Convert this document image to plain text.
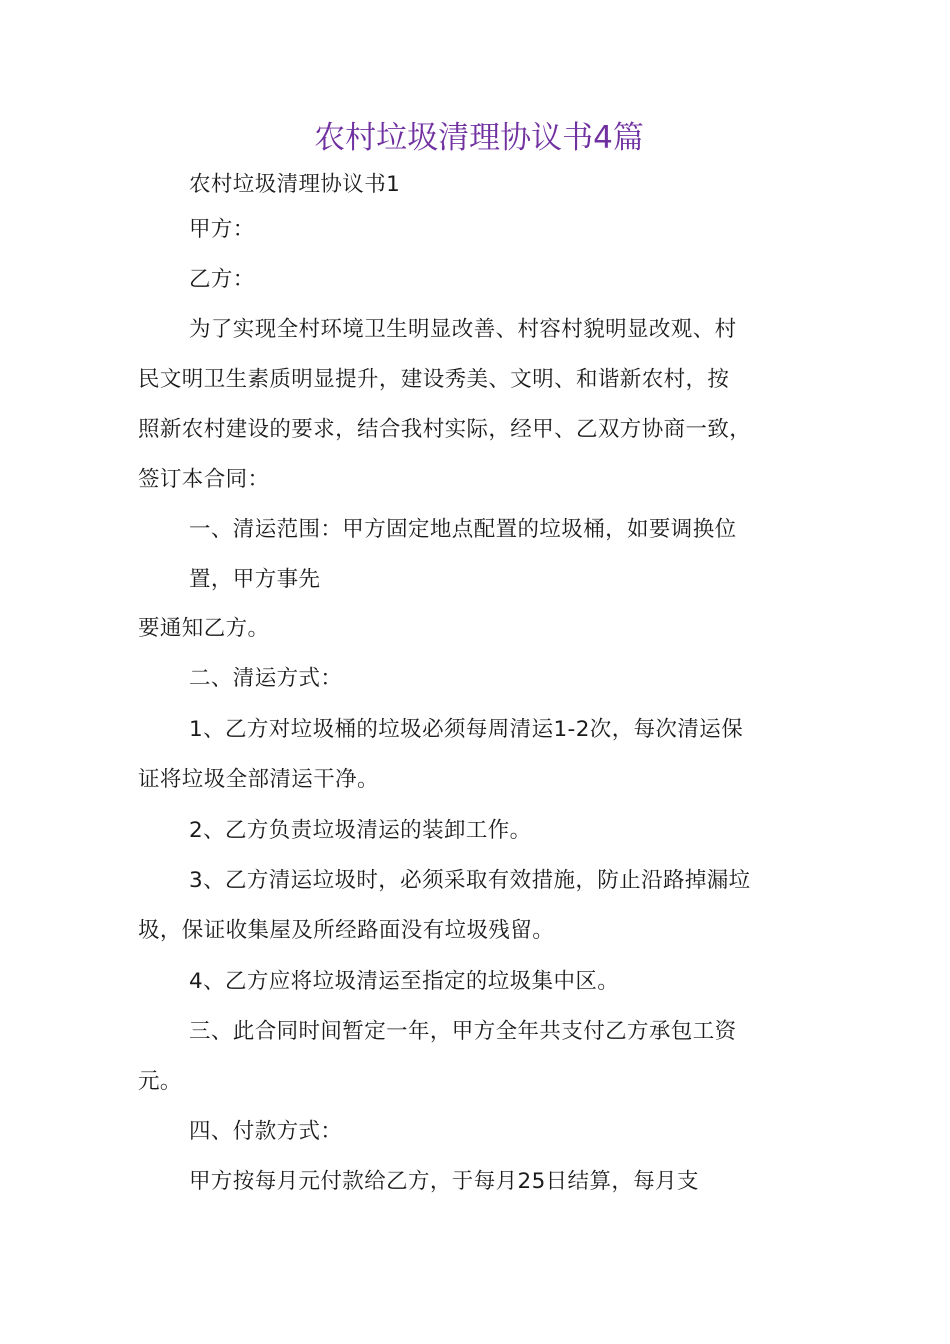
农村垃圾清理协议书4篇
农村垃圾清理协议书1
甲方：
乙方：
为了实现全村环境卫生明显改善、村容村貌明显改观、村
民文明卫生素质明显提升，建设秀美、文明、和谐新农村，按
照新农村建设的要求，结合我村实际，经甲、乙双方协商一致，
签订本合同：
一、清运范围：甲方固定地点配置的垃圾桶，如要调换位
置，甲方事先
要通知乙方。
二、清运方式：
1、乙方对垃圾桶的垃圾必须每周清运1-2次，每次清运保
证将垃圾全部清运干净。
2、乙方负责垃圾清运的装卸工作。
3、乙方清运垃圾时，必须采取有效措施，防止沿路掉漏垃
圾，保证收集屋及所经路面没有垃圾残留。
4、乙方应将垃圾清运至指定的垃圾集中区。
三、此合同时间暂定一年，甲方全年共支付乙方承包工资
元。
四、付款方式：
甲方按每月元付款给乙方，于每月25日结算，每月支
